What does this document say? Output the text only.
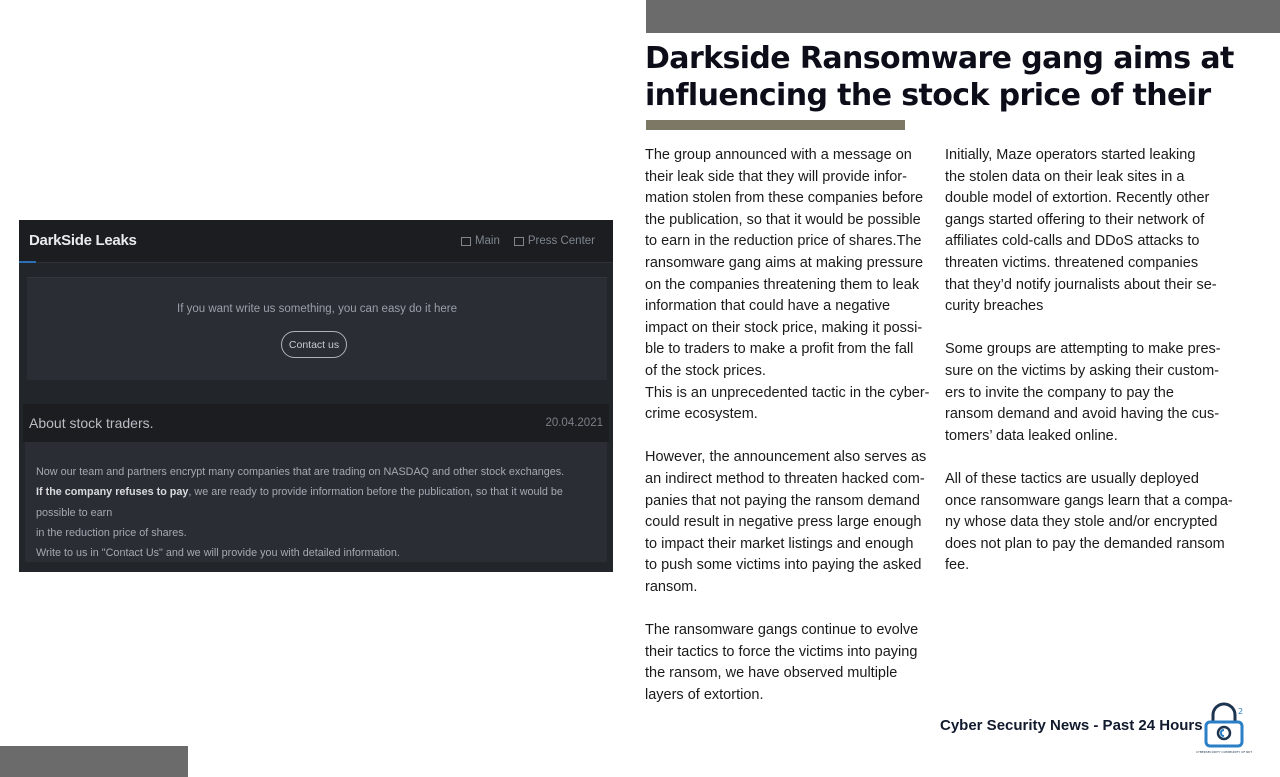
Darkside Ransomware gang aims at
influencing the stock price of their
DarkSide Leaks	Main Press Center
If you want write us something, you can easy do it here
Contact us
About stock traders.	20.04.2021
Now our team and partners encrypt many companies that are trading on NASDAQ and other stock exchanges.
If the company refuses to pay, we are ready to provide information before the publication, so that it would be possible to earn
in the reduction price of shares.
Write to us in "Contact Us" and we will provide you with detailed information.

The group announced with a message on
their leak side that they will provide infor-
mation stolen from these companies before
the publication, so that it would be possible
to earn in the reduction price of shares.The
ransomware gang aims at making pressure
on the companies threatening them to leak
information that could have a negative
impact on their stock price, making it possi-
ble to traders to make a profit from the fall
of the stock prices.
This is an unprecedented tactic in the cyber-
crime ecosystem.

However, the announcement also serves as
an indirect method to threaten hacked com-
panies that not paying the ransom demand
could result in negative press large enough
to impact their market listings and enough
to push some victims into paying the asked
ransom.

The ransomware gangs continue to evolve
their tactics to force the victims into paying
the ransom, we have observed multiple
layers of extortion.

Initially, Maze operators started leaking
the stolen data on their leak sites in a
double model of extortion. Recently other
gangs started offering to their network of
affiliates cold-calls and DDoS attacks to
threaten victims. threatened companies
that they’d notify journalists about their se-
curity breaches

Some groups are attempting to make pres-
sure on the victims by asking their custom-
ers to invite the company to pay the
ransom demand and avoid having the cus-
tomers’ data leaked online.

All of these tactics are usually deployed
once ransomware gangs learn that a compa-
ny whose data they stole and/or encrypted
does not plan to pay the demanded ransom
fee.

Cyber Security News - Past 24 Hours
2
CYBERSECURITY COMMUNITY OF NIIT
